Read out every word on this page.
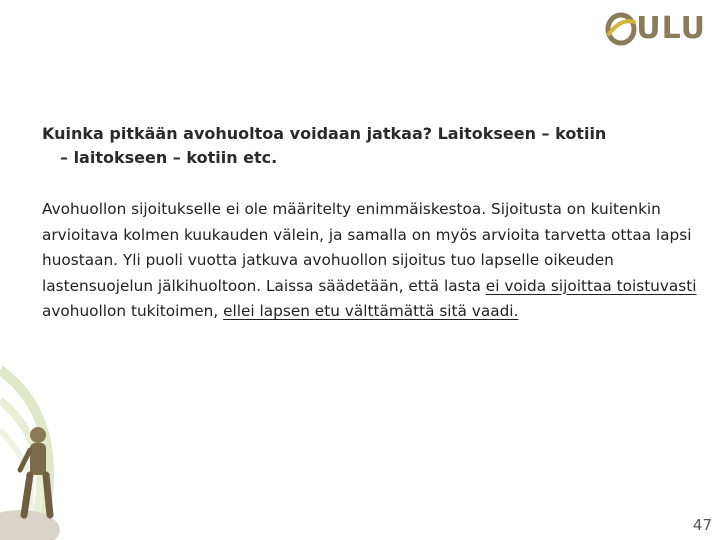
ULU
Kuinka pitkään avohuoltoa voidaan jatkaa? Laitokseen – kotiin
– laitokseen – kotiin etc.

Avohuollon sijoitukselle ei ole määritelty enimmäiskestoa. Sijoitusta on kuitenkin arvioitava kolmen kuukauden välein, ja samalla on myös arvioita tarvetta ottaa lapsi huostaan. Yli puoli vuotta jatkuva avohuollon sijoitus tuo lapselle oikeuden lastensuojelun jälkihuoltoon. Laissa säädetään, että lasta ei voida sijoittaa toistuvasti avohuollon tukitoimen, ellei lapsen etu välttämättä sitä vaadi.

47
